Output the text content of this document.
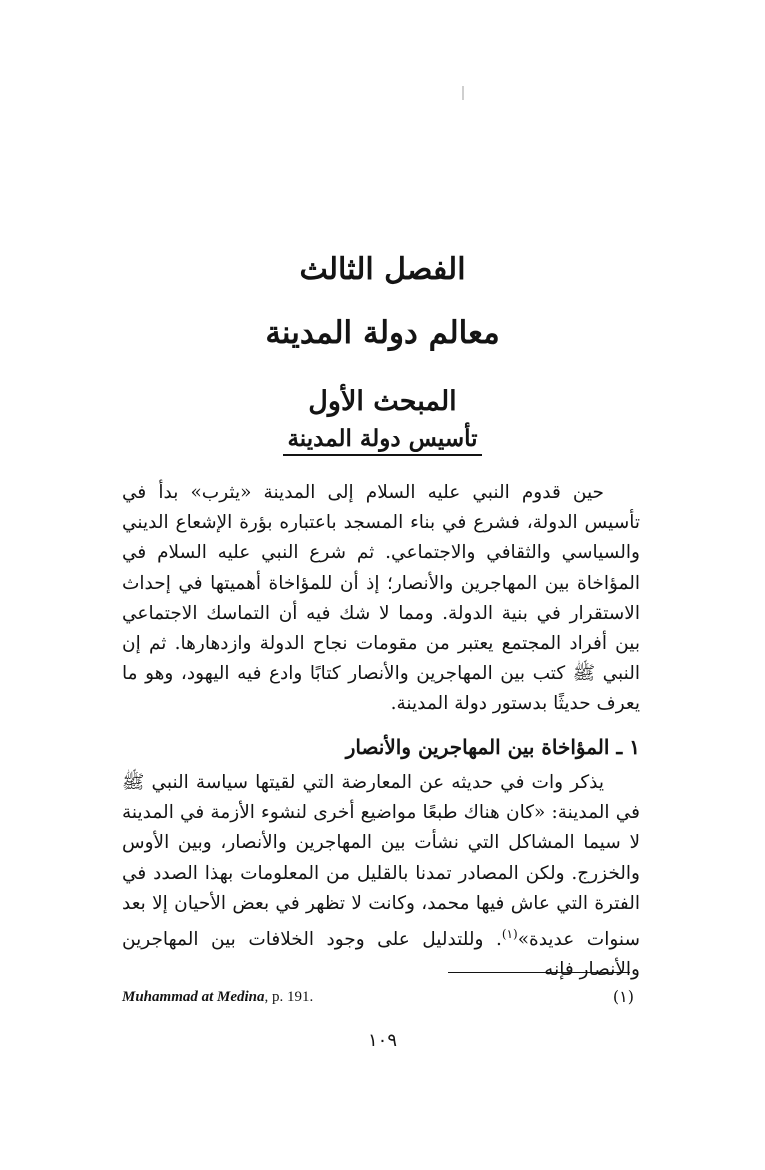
الفصل الثالث
معالم دولة المدينة
المبحث الأول
تأسيس دولة المدينة

حين قدوم النبي عليه السلام إلى المدينة «يثرب» بدأ في تأسيس الدولة، فشرع في بناء المسجد باعتباره بؤرة الإشعاع الديني والسياسي والثقافي والاجتماعي. ثم شرع النبي عليه السلام في المؤاخاة بين المهاجرين والأنصار؛ إذ أن للمؤاخاة أهميتها في إحداث الاستقرار في بنية الدولة. ومما لا شك فيه أن التماسك الاجتماعي بين أفراد المجتمع يعتبر من مقومات نجاح الدولة وازدهارها. ثم إن النبي ﷺ كتب بين المهاجرين والأنصار كتابًا وادع فيه اليهود، وهو ما يعرف حديثًا بدستور دولة المدينة.

١ ـ المؤاخاة بين المهاجرين والأنصار

يذكر وات في حديثه عن المعارضة التي لقيتها سياسة النبي ﷺ في المدينة: «كان هناك طبعًا مواضيع أخرى لنشوء الأزمة في المدينة لا سيما المشاكل التي نشأت بين المهاجرين والأنصار، وبين الأوس والخزرج. ولكن المصادر تمدنا بالقليل من المعلومات بهذا الصدد في الفترة التي عاش فيها محمد، وكانت لا تظهر في بعض الأحيان إلا بعد سنوات عديدة»$^{(١)}$. وللتدليل على وجود الخلافات بين المهاجرين والأنصار فإنه

Muhammad at Medina, p. 191.	(١)
١٠٩
